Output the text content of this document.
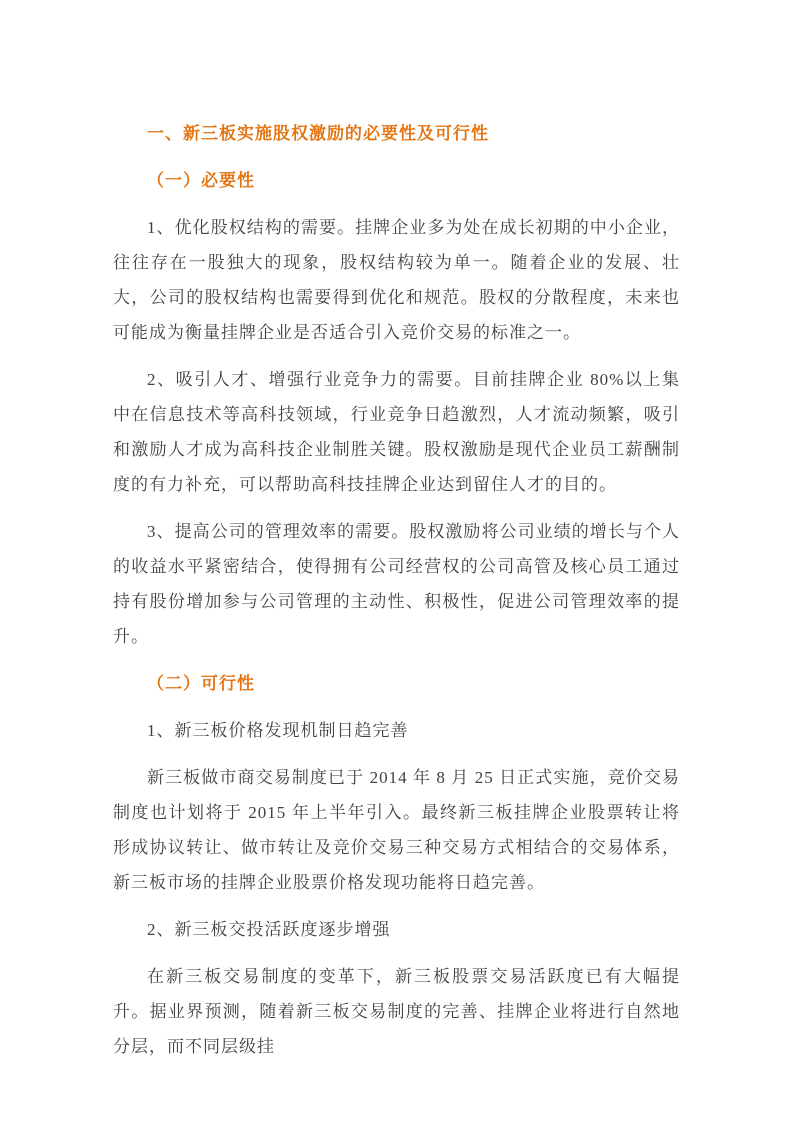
一、新三板实施股权激励的必要性及可行性
（一）必要性

1、优化股权结构的需要。挂牌企业多为处在成长初期的中小企业，往往存在一股独大的现象，股权结构较为单一。随着企业的发展、壮大，公司的股权结构也需要得到优化和规范。股权的分散程度，未来也可能成为衡量挂牌企业是否适合引入竞价交易的标准之一。

2、吸引人才、增强行业竞争力的需要。目前挂牌企业 80%以上集中在信息技术等高科技领域，行业竞争日趋激烈，人才流动频繁，吸引和激励人才成为高科技企业制胜关键。股权激励是现代企业员工薪酬制度的有力补充，可以帮助高科技挂牌企业达到留住人才的目的。

3、提高公司的管理效率的需要。股权激励将公司业绩的增长与个人的收益水平紧密结合，使得拥有公司经营权的公司高管及核心员工通过持有股份增加参与公司管理的主动性、积极性，促进公司管理效率的提升。

（二）可行性

1、新三板价格发现机制日趋完善

新三板做市商交易制度已于 2014 年 8 月 25 日正式实施，竞价交易制度也计划将于 2015 年上半年引入。最终新三板挂牌企业股票转让将形成协议转让、做市转让及竞价交易三种交易方式相结合的交易体系，新三板市场的挂牌企业股票价格发现功能将日趋完善。

2、新三板交投活跃度逐步增强

在新三板交易制度的变革下，新三板股票交易活跃度已有大幅提升。据业界预测，随着新三板交易制度的完善、挂牌企业将进行自然地分层，而不同层级挂
